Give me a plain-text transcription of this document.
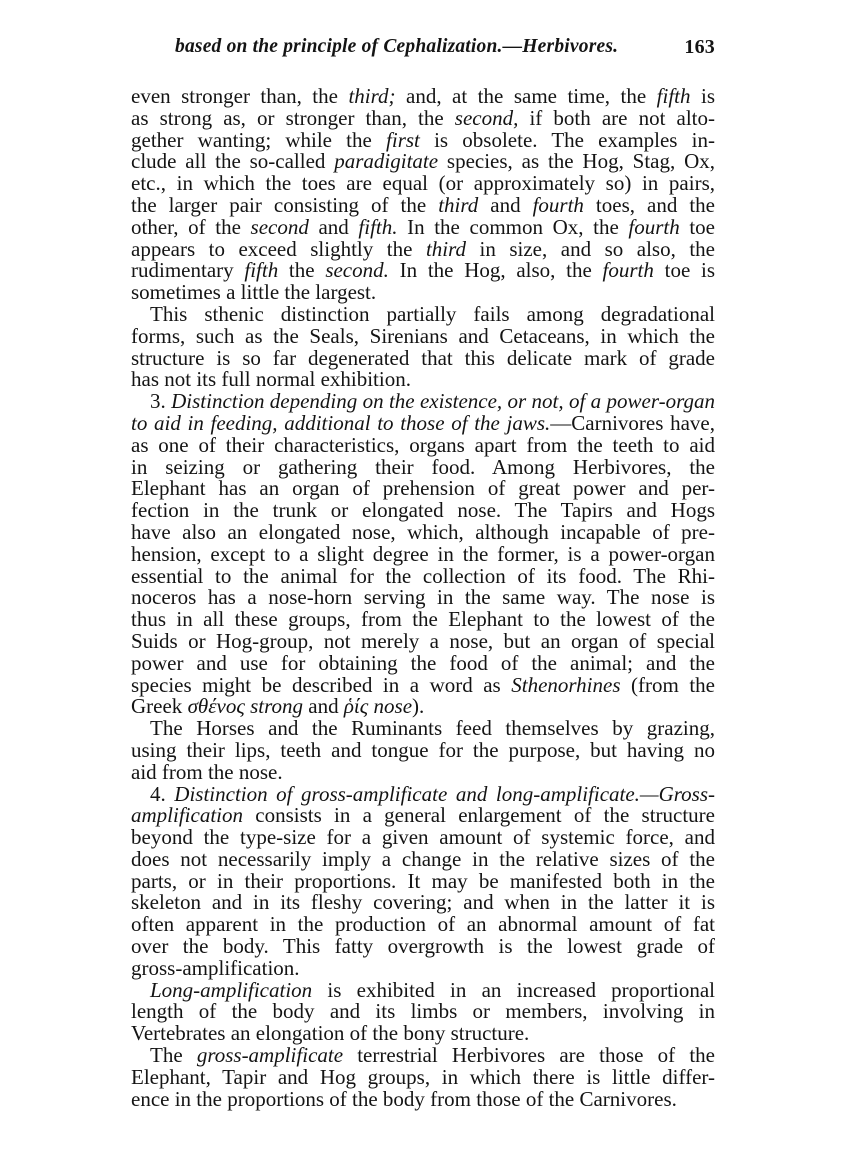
based on the principle of Cephalization.—Herbivores.	163
even stronger than, the third; and, at the same time, the fifth is
as strong as, or stronger than, the second, if both are not alto-
gether wanting; while the first is obsolete. The examples in-
clude all the so-called paradigitate species, as the Hog, Stag, Ox,
etc., in which the toes are equal (or approximately so) in pairs,
the larger pair consisting of the third and fourth toes, and the
other, of the second and fifth. In the common Ox, the fourth toe
appears to exceed slightly the third in size, and so also, the
rudimentary fifth the second. In the Hog, also, the fourth toe is
sometimes a little the largest.
This sthenic distinction partially fails among degradational
forms, such as the Seals, Sirenians and Cetaceans, in which the
structure is so far degenerated that this delicate mark of grade
has not its full normal exhibition.
3. Distinction depending on the existence, or not, of a power-organ
to aid in feeding, additional to those of the jaws.—Carnivores have,
as one of their characteristics, organs apart from the teeth to aid
in seizing or gathering their food. Among Herbivores, the
Elephant has an organ of prehension of great power and per-
fection in the trunk or elongated nose. The Tapirs and Hogs
have also an elongated nose, which, although incapable of pre-
hension, except to a slight degree in the former, is a power-organ
essential to the animal for the collection of its food. The Rhi-
noceros has a nose-horn serving in the same way. The nose is
thus in all these groups, from the Elephant to the lowest of the
Suids or Hog-group, not merely a nose, but an organ of special
power and use for obtaining the food of the animal; and the
species might be described in a word as Sthenorhines (from the
Greek σθένος strong and ῥίς nose).
The Horses and the Ruminants feed themselves by grazing,
using their lips, teeth and tongue for the purpose, but having no
aid from the nose.
4. Distinction of gross-amplificate and long-amplificate.—Gross-
amplification consists in a general enlargement of the structure
beyond the type-size for a given amount of systemic force, and
does not necessarily imply a change in the relative sizes of the
parts, or in their proportions. It may be manifested both in the
skeleton and in its fleshy covering; and when in the latter it is
often apparent in the production of an abnormal amount of fat
over the body. This fatty overgrowth is the lowest grade of
gross-amplification.
Long-amplification is exhibited in an increased proportional
length of the body and its limbs or members, involving in
Vertebrates an elongation of the bony structure.
The gross-amplificate terrestrial Herbivores are those of the
Elephant, Tapir and Hog groups, in which there is little differ-
ence in the proportions of the body from those of the Carnivores.
